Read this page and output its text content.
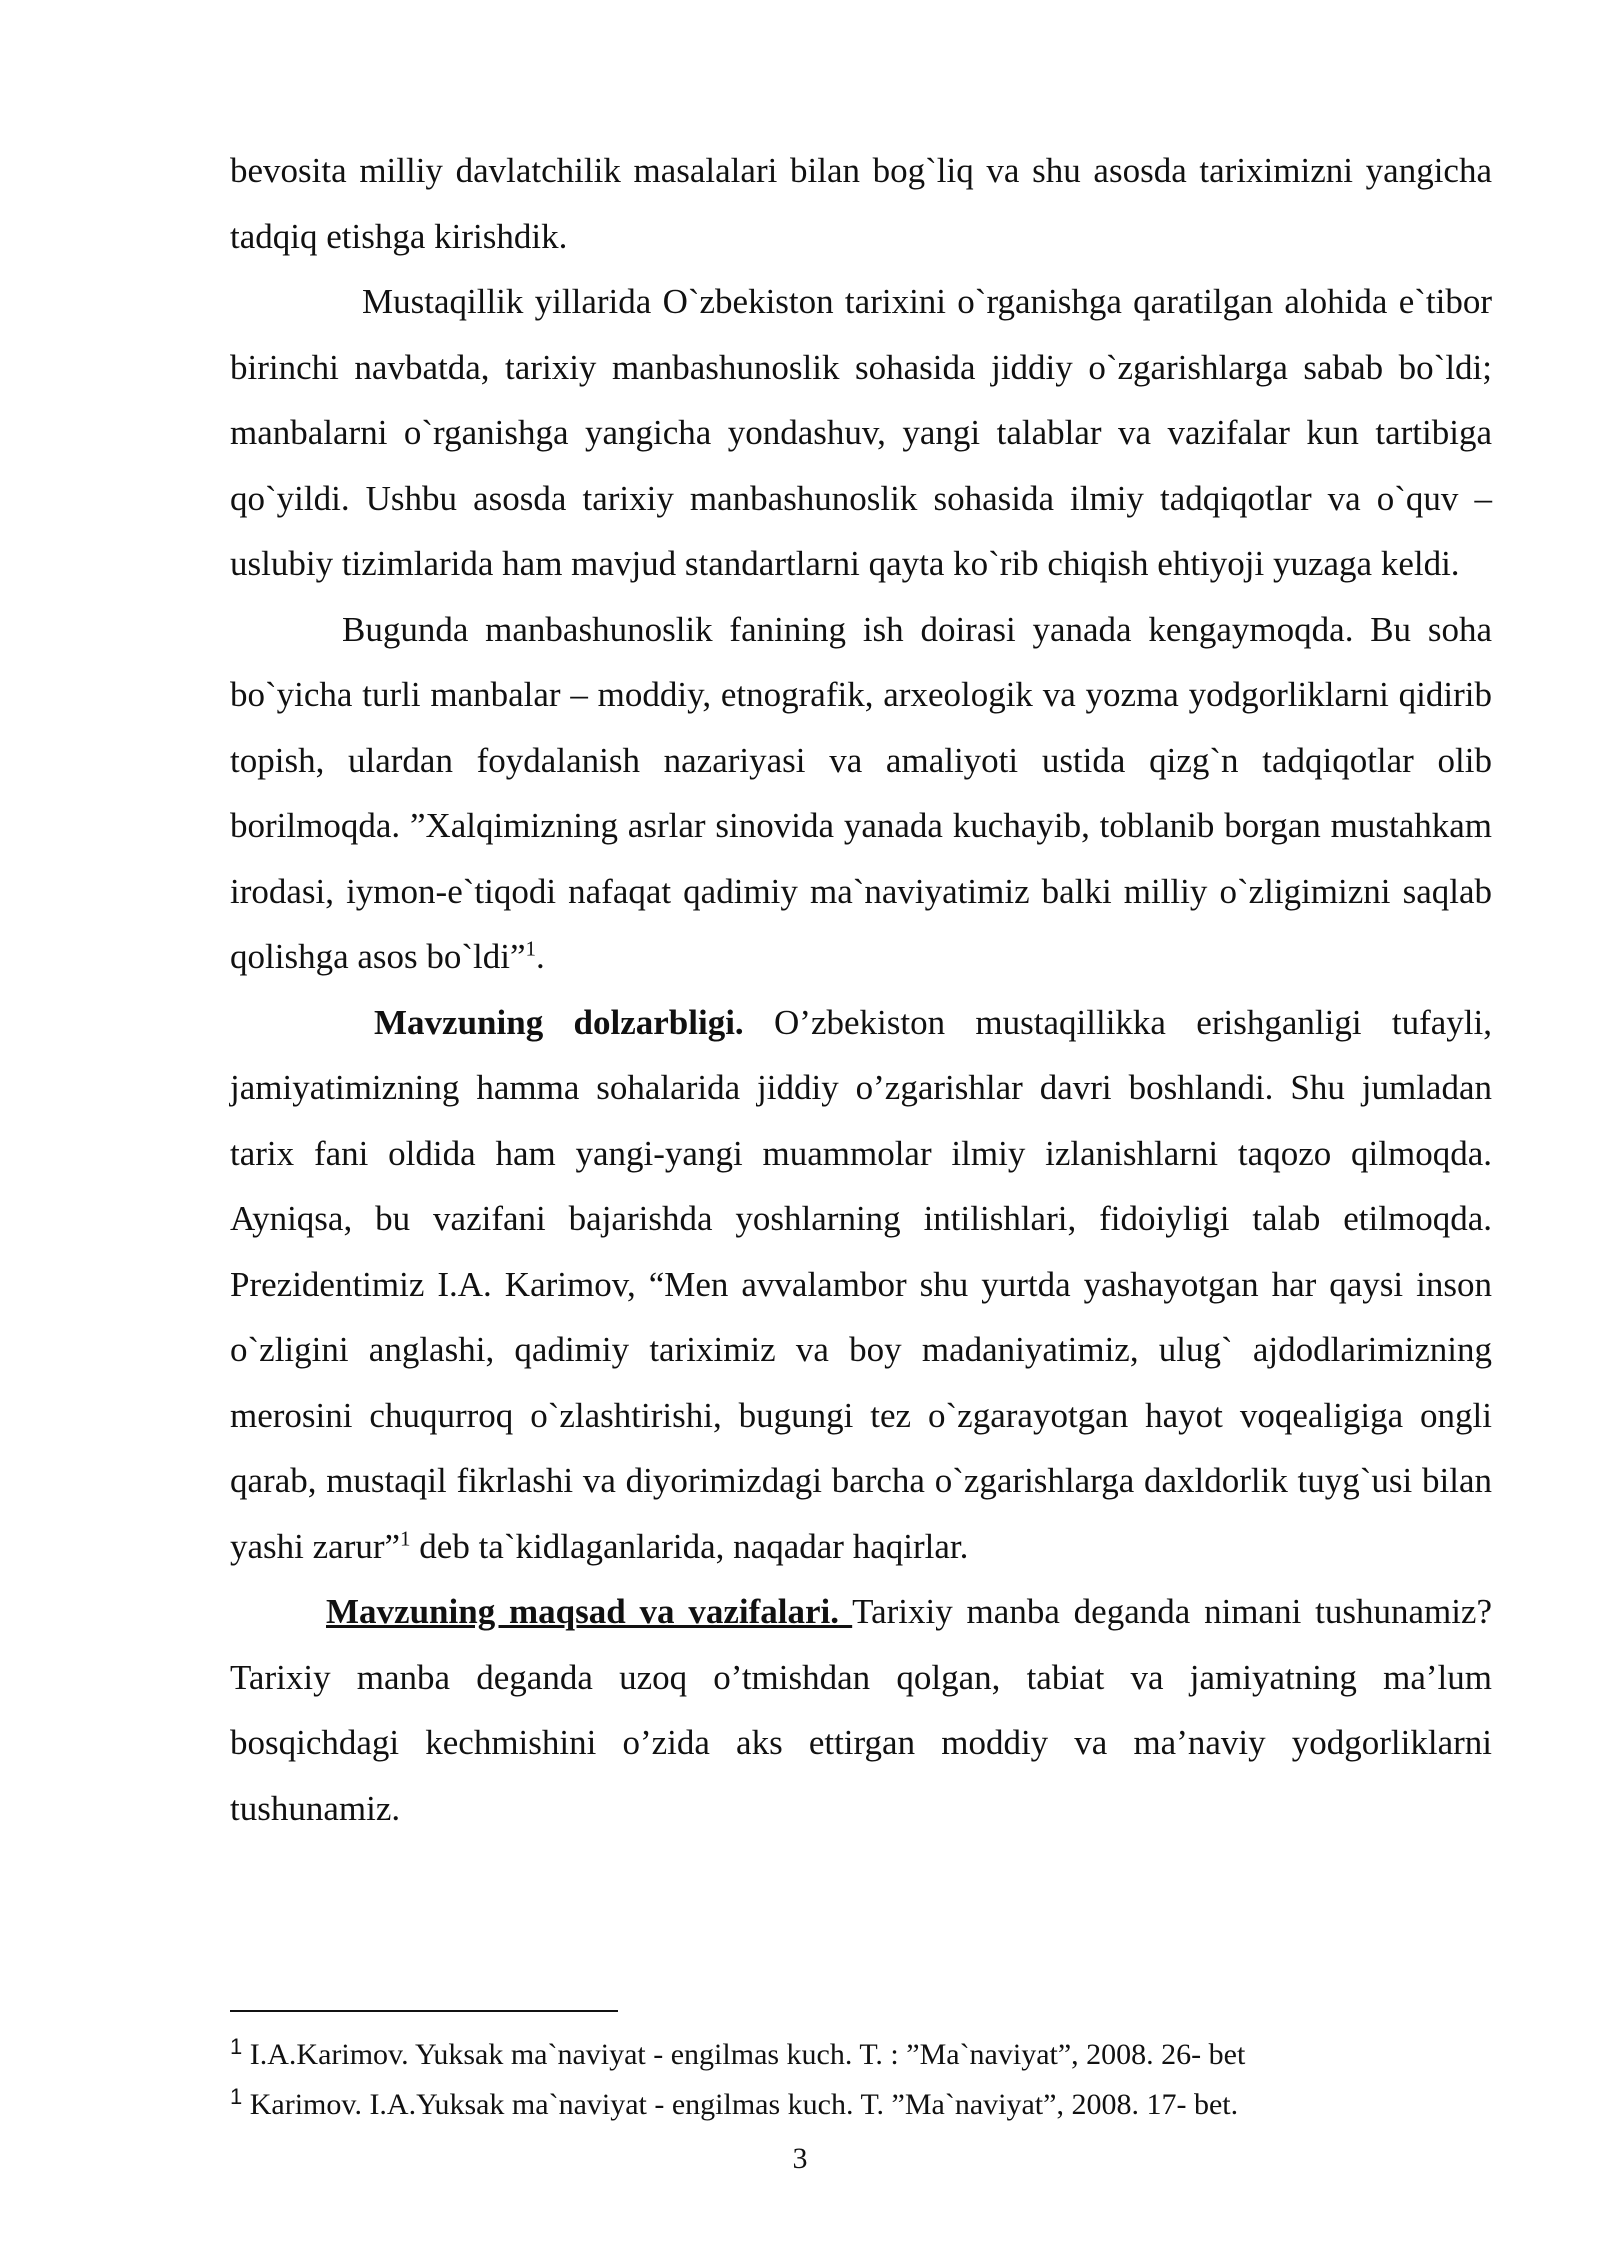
bevosita milliy davlatchilik masalalari bilan bog`liq va shu asosda tariximizni yangicha tadqiq etishga kirishdik.

Mustaqillik yillarida O`zbekiston tarixini o`rganishga qaratilgan alohida e`tibor birinchi navbatda, tarixiy manbashunoslik sohasida jiddiy o`zgarishlarga sabab bo`ldi; manbalarni o`rganishga yangicha yondashuv, yangi talablar va vazifalar kun tartibiga qo`yildi. Ushbu asosda tarixiy manbashunoslik sohasida ilmiy tadqiqotlar va o`quv –uslubiy tizimlarida ham mavjud standartlarni qayta ko`rib chiqish ehtiyoji yuzaga keldi.

Bugunda manbashunoslik fanining ish doirasi yanada kengaymoqda. Bu soha bo`yicha turli manbalar – moddiy, etnografik, arxeologik va yozma yodgorliklarni qidirib topish, ulardan foydalanish nazariyasi va amaliyoti ustida qizg`n tadqiqotlar olib borilmoqda. ”Xalqimizning asrlar sinovida yanada kuchayib, toblanib borgan mustahkam irodasi, iymon-e`tiqodi nafaqat qadimiy ma`naviyatimiz balki milliy o`zligimizni saqlab qolishga asos bo`ldi”$^1$.

Mavzuning dolzarbligi. O’zbekiston mustaqillikka erishganligi tufayli, jamiyatimizning hamma sohalarida jiddiy o’zgarishlar davri boshlandi. Shu jumladan tarix fani oldida ham yangi-yangi muammolar ilmiy izlanishlarni taqozo qilmoqda. Ayniqsa, bu vazifani bajarishda yoshlarning intilishlari, fidoiyligi talab etilmoqda. Prezidentimiz I.A. Karimov, “Men avvalambor shu yurtda yashayotgan har qaysi inson o`zligini anglashi, qadimiy tariximiz va boy madaniyatimiz, ulug` ajdodlarimizning merosini chuqurroq o`zlashtirishi, bugungi tez o`zgarayotgan hayot voqealigiga ongli qarab, mustaqil fikrlashi va diyorimizdagi barcha o`zgarishlarga daxldorlik tuyg`usi bilan yashi zarur”$^1$ deb ta`kidlaganlarida, naqadar haqirlar.

Mavzuning maqsad va vazifalari. Tarixiy manba deganda nimani tushunamiz? Tarixiy manba deganda uzoq o’tmishdan qolgan, tabiat va jamiyatning ma’lum bosqichdagi kechmishini o’zida aks ettirgan moddiy va ma’naviy yodgorliklarni tushunamiz.

$^1$ I.A.Karimov. Yuksak ma`naviyat - engilmas kuch. T. : ”Ma`naviyat”, 2008. 26- bet

$^1$ Karimov. I.A.Yuksak ma`naviyat - engilmas kuch. T. ”Ma`naviyat”, 2008. 17- bet.

3
